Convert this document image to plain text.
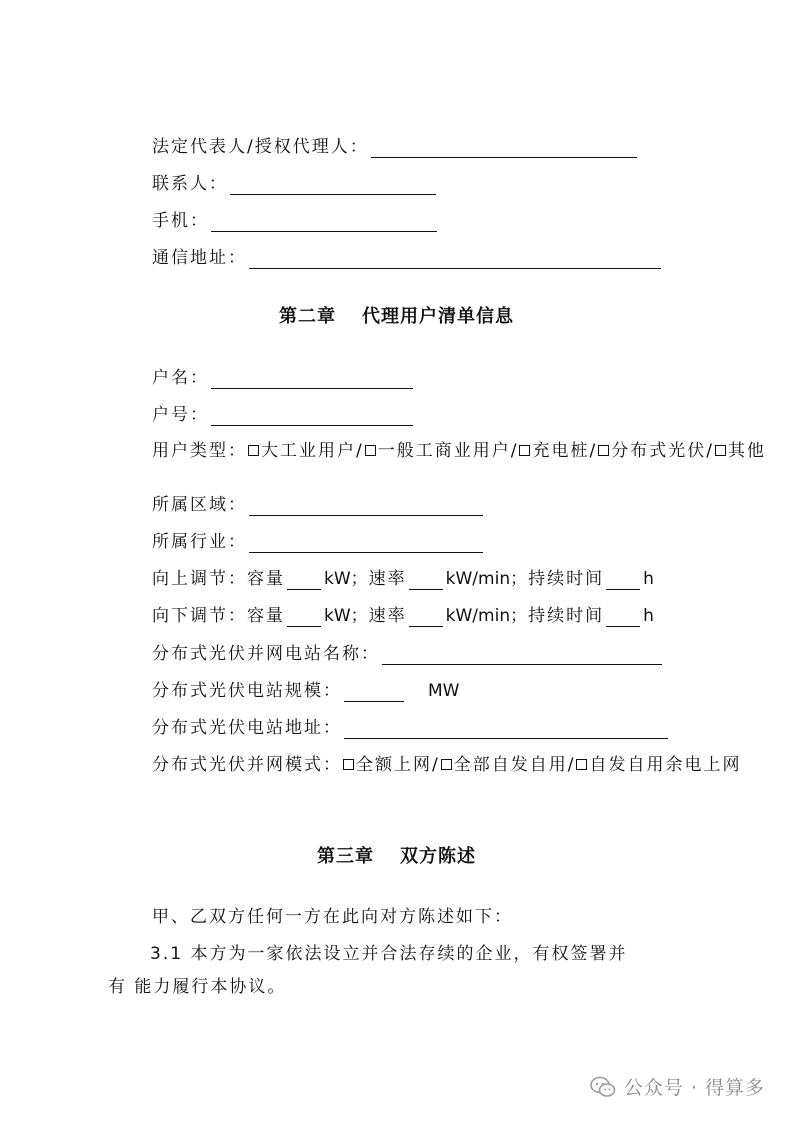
法定代表人/授权代理人：
联系人：
手机：
通信地址：
第二章 代理用户清单信息
户名：
户号：
用户类型： 大工业用户/ 一般工商业用户/ 充电桩/ 分布式光伏/ 其他
所属区域：
所属行业：
向上调节： 容量 kW； 速率 kW/min； 持续时间 h
向下调节： 容量 kW； 速率 kW/min； 持续时间 h
分布式光伏并网电站名称：
分布式光伏电站规模：	MW
分布式光伏电站地址：
分布式光伏并网模式： 全额上网/ 全部自发自用/ 自发自用余电上网
第三章 双方陈述
甲、乙双方任何一方在此向对方陈述如下：
3.1 本方为一家依法设立并合法存续的企业，有权签署并
有 能力履行本协议。
公众号 · 得算多
